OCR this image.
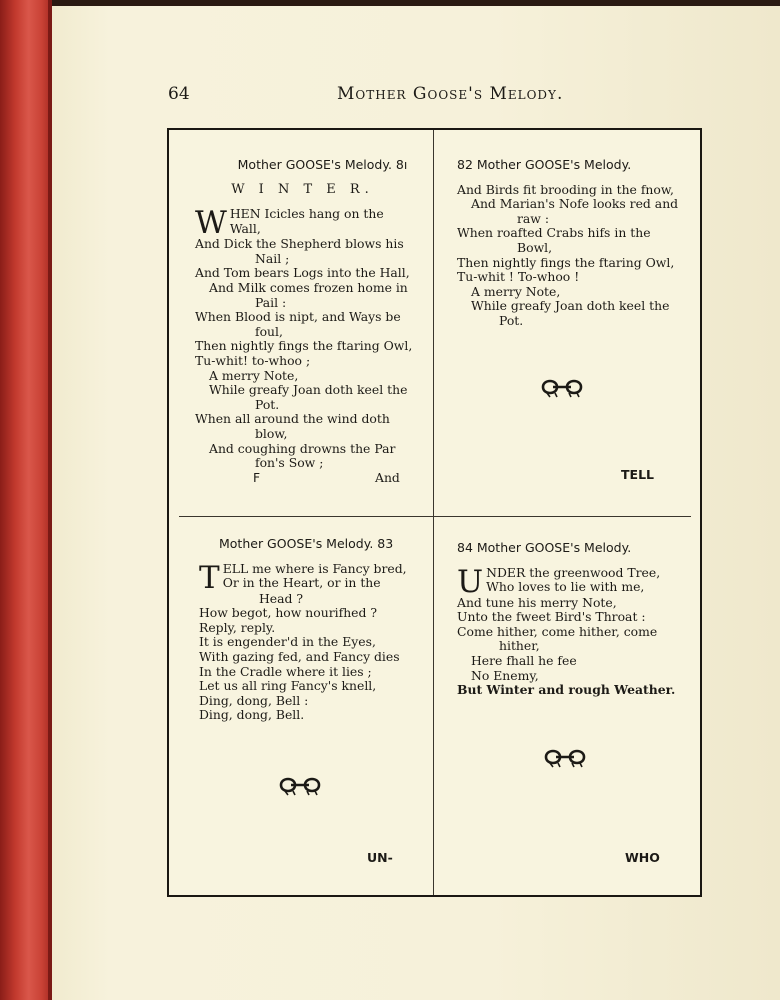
64	Mother Goose's Melody.
Mother GOOSE's Melody. 8ı
W I N T E R.
W HEN Icicles hang on the
Wall,
And Dick the Shepherd blows his
Nail ;
And Tom bears Logs into the Hall,
And Milk comes frozen home in
Pail :
When Blood is nipt, and Ways be
foul,
Then nightly fings the ftaring Owl,
Tu-whit! to-whoo ;
A merry Note,
While greafy Joan doth keel the
Pot.
When all around the wind doth
blow,
And coughing drowns the Par
fon's Sow ;
F	And
82 Mother GOOSE's Melody.
And Birds fit brooding in the fnow,
And Marian's Nofe looks red and
raw :
When roafted Crabs hifs in the
Bowl,
Then nightly fings the ftaring Owl,
Tu-whit ! To-whoo !
A merry Note,
While greafy Joan doth keel the
Pot.
TELL
Mother GOOSE's Melody. 83
T ELL me where is Fancy bred,
Or in the Heart, or in the
Head ?
How begot, how nourifhed ?
Reply, reply.
It is engender'd in the Eyes,
With gazing fed, and Fancy dies
In the Cradle where it lies ;
Let us all ring Fancy's knell,
Ding, dong, Bell :
Ding, dong, Bell.
UN-
84 Mother GOOSE's Melody.
U NDER the greenwood Tree,
Who loves to lie with me,
And tune his merry Note,
Unto the fweet Bird's Throat :
Come hither, come hither, come
hither,
Here fhall he fee
No Enemy,
But Winter and rough Weather.
WHO
